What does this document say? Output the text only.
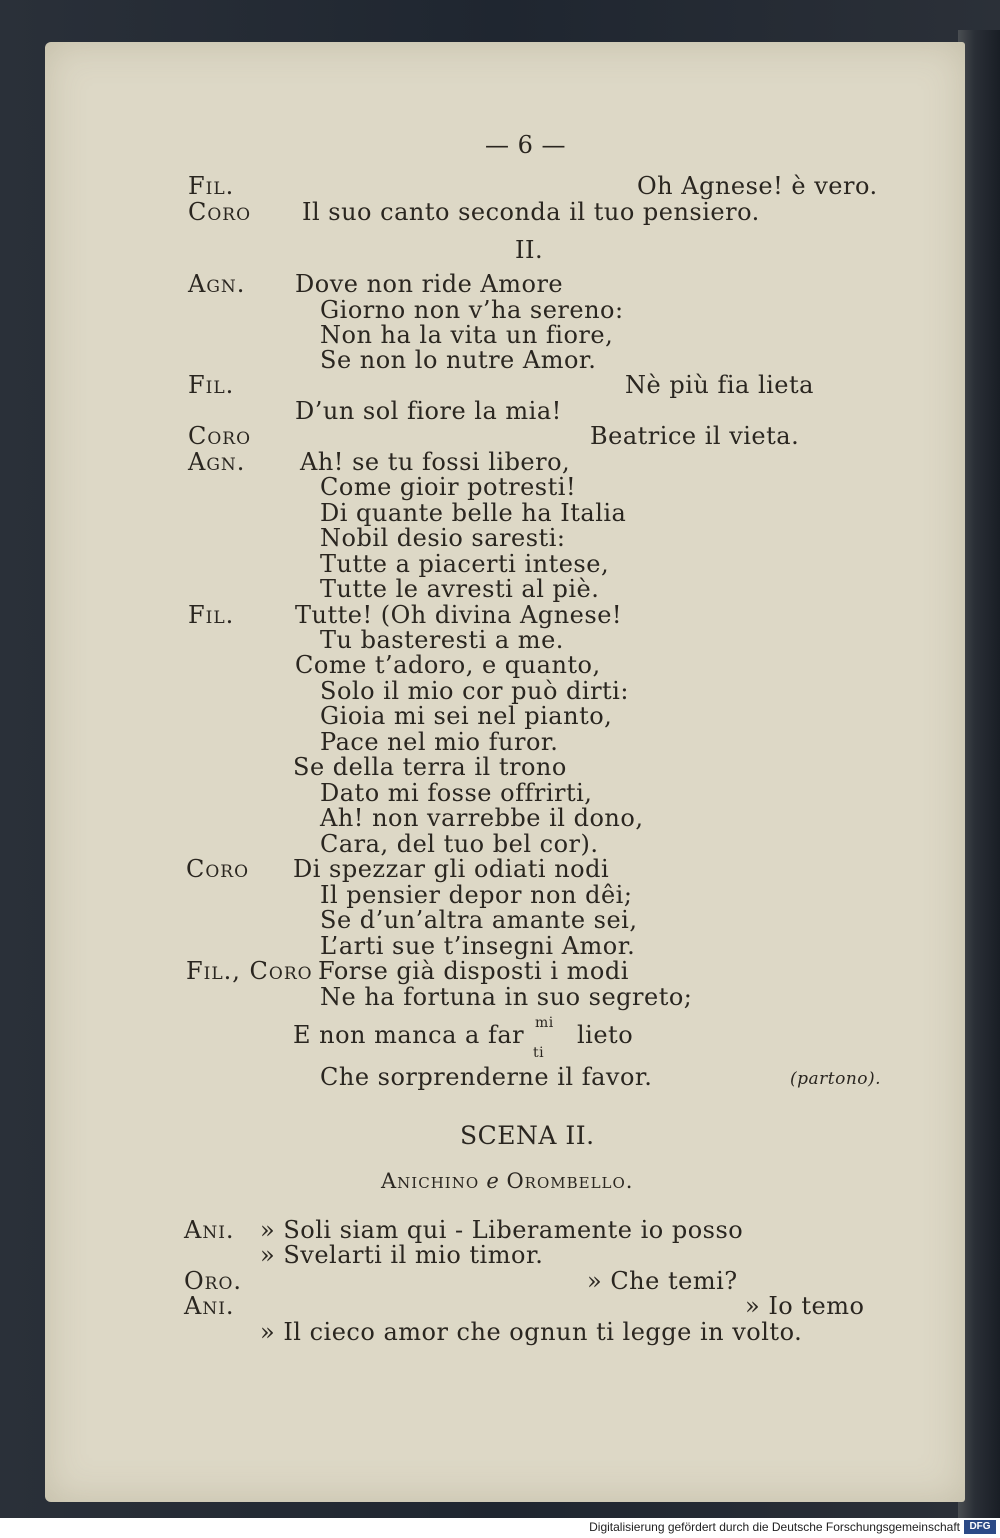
— 6 —
Fil.	Oh Agnese! è vero.
Coro Il suo canto seconda il tuo pensiero.
II.
Agn. Dove non ride Amore
Giorno non v’ha sereno:
Non ha la vita un fiore,
Se non lo nutre Amor.
Fil.	Nè più fia lieta
D’un sol fiore la mia!
Coro	Beatrice il vieta.
Agn. Ah! se tu fossi libero,
Come gioir potresti!
Di quante belle ha Italia
Nobil desio saresti:
Tutte a piacerti intese,
Tutte le avresti al piè.
Fil.	Tutte! (Oh divina Agnese!
Tu basteresti a me.
Come t’adoro, e quanto,
Solo il mio cor può dirti:
Gioia mi sei nel pianto,
Pace nel mio furor.
Se della terra il trono
Dato mi fosse offrirti,
Ah! non varrebbe il dono,
Cara, del tuo bel cor).
Coro Di spezzar gli odiati nodi
Il pensier depor non dêi;
Se d’un’altra amante sei,
L’arti sue t’insegni Amor.
Fil., Coro Forse già disposti i modi
Ne ha fortuna in suo segreto;
E non manca a far mi
ti
lieto
Che sorprenderne il favor.	(partono).
SCENA II.
Anichino e Orombello.
Ani. » Soli siam qui - Liberamente io posso
» Svelarti il mio timor.
Oro.	» Che temi?
Ani.	» Io temo
» Il cieco amor che ognun ti legge in volto.
Digitalisierung gefördert durch die Deutsche Forschungsgemeinschaft DFG
